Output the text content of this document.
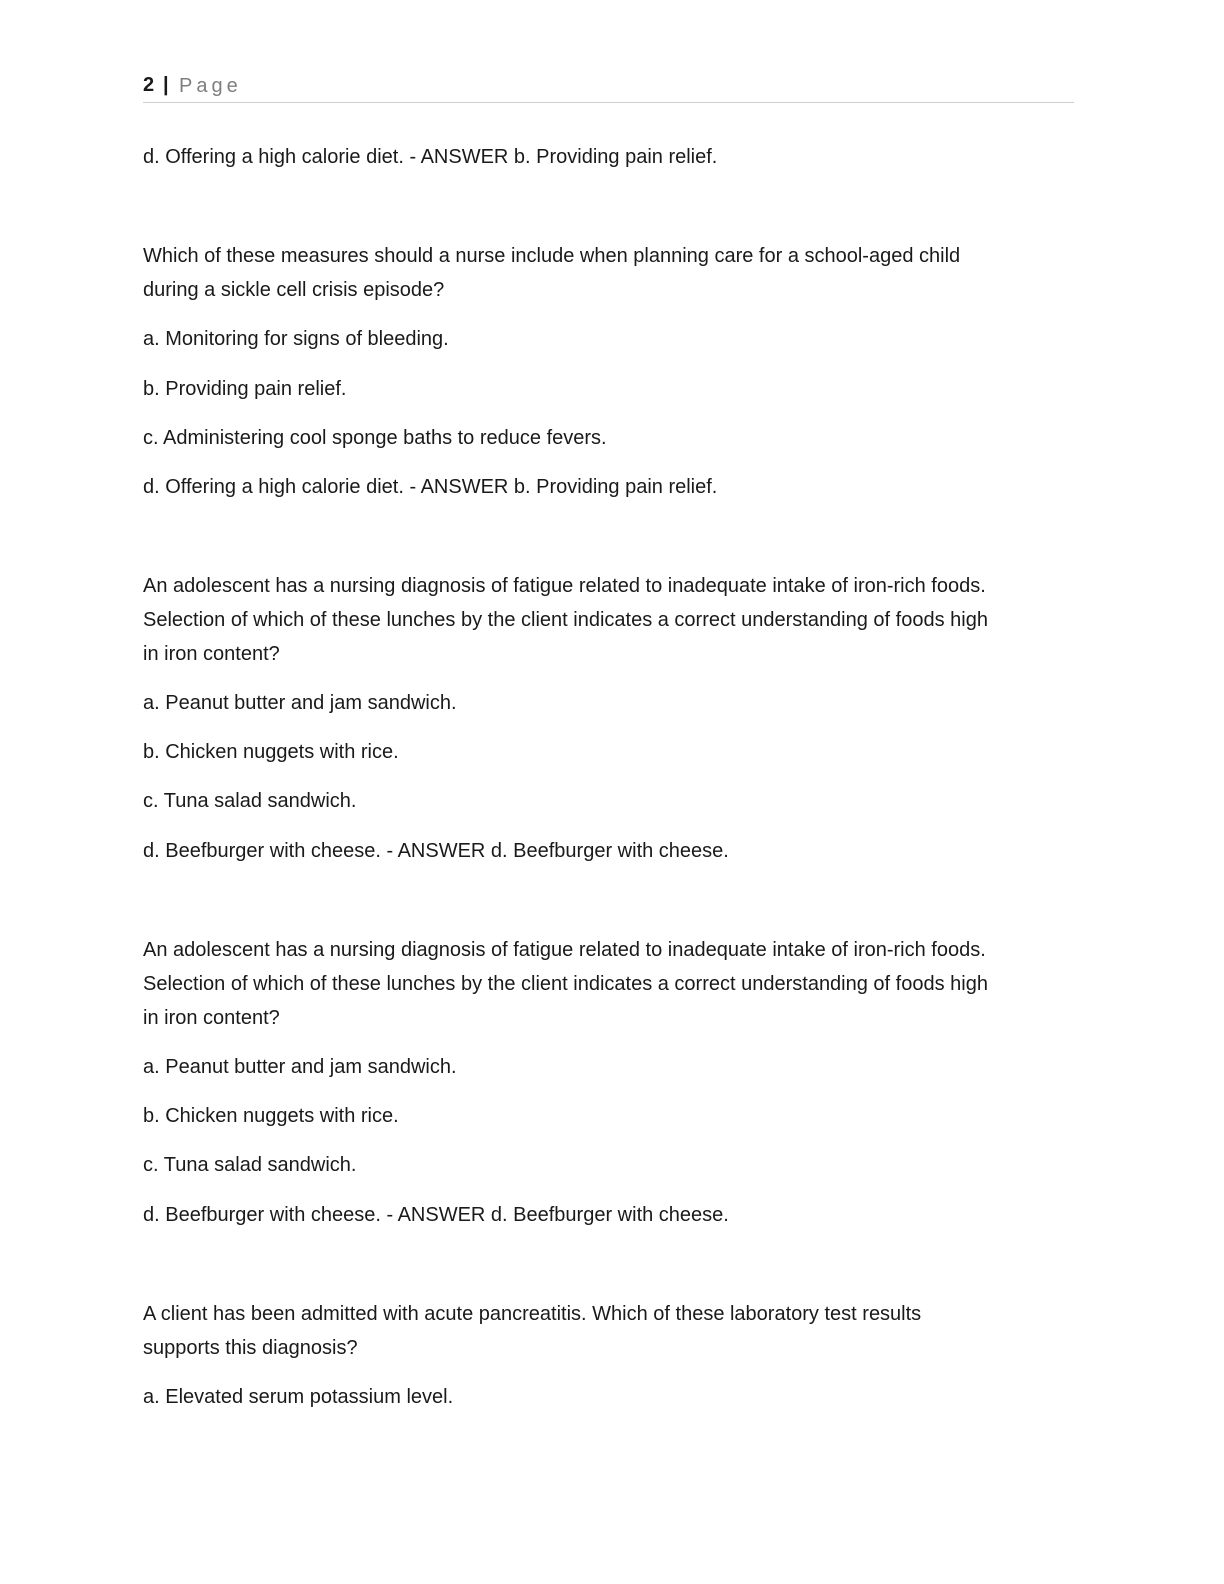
2 | Page
d. Offering a high calorie diet. - ANSWER b. Providing pain relief.
Which of these measures should a nurse include when planning care for a school-aged child
during a sickle cell crisis episode?
a. Monitoring for signs of bleeding.
b. Providing pain relief.
c. Administering cool sponge baths to reduce fevers.
d. Offering a high calorie diet. - ANSWER b. Providing pain relief.
An adolescent has a nursing diagnosis of fatigue related to inadequate intake of iron-rich foods.
Selection of which of these lunches by the client indicates a correct understanding of foods high
in iron content?
a. Peanut butter and jam sandwich.
b. Chicken nuggets with rice.
c. Tuna salad sandwich.
d. Beefburger with cheese. - ANSWER d. Beefburger with cheese.
An adolescent has a nursing diagnosis of fatigue related to inadequate intake of iron-rich foods.
Selection of which of these lunches by the client indicates a correct understanding of foods high
in iron content?
a. Peanut butter and jam sandwich.
b. Chicken nuggets with rice.
c. Tuna salad sandwich.
d. Beefburger with cheese. - ANSWER d. Beefburger with cheese.
A client has been admitted with acute pancreatitis. Which of these laboratory test results
supports this diagnosis?
a. Elevated serum potassium level.
